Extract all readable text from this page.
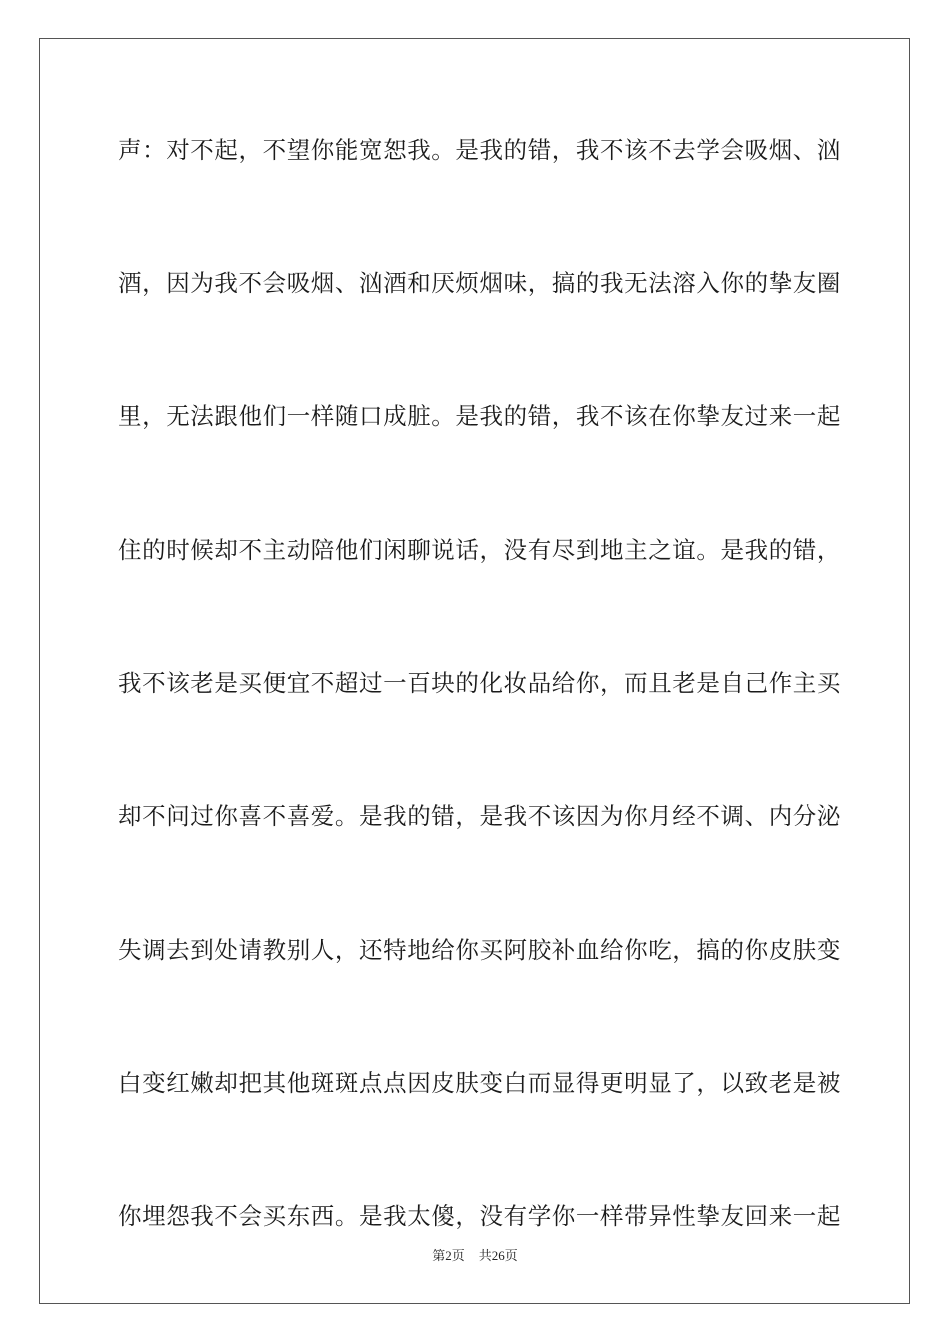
声：对不起，不望你能宽恕我。是我的错，我不该不去学会吸烟、汹
酒，因为我不会吸烟、汹酒和厌烦烟味，搞的我无法溶入你的挚友圈
里，无法跟他们一样随口成脏。是我的错，我不该在你挚友过来一起
住的时候却不主动陪他们闲聊说话，没有尽到地主之谊。是我的错，
我不该老是买便宜不超过一百块的化妆品给你，而且老是自己作主买
却不问过你喜不喜爱。是我的错，是我不该因为你月经不调、内分泌
失调去到处请教别人，还特地给你买阿胶补血给你吃，搞的你皮肤变
白变红嫩却把其他斑斑点点因皮肤变白而显得更明显了，以致老是被
你埋怨我不会买东西。是我太傻，没有学你一样带异性挚友回来一起
第2页 共26页
